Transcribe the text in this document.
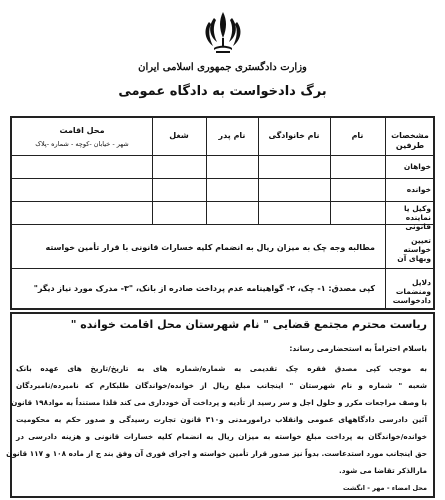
وزارت دادگستری جمهوری اسلامی ایران
برگ دادخواست به دادگاه عمومی
مشخصات طرفین
نام
نام خانوادگی
نام پدر
شغل
محل اقامت
شهر - خیابان -کوچه - شماره -پلاک
خواهان
خوانده
وکیل یا نماینده قانونی
تعیین خواسته وبهای آن
مطالبه وجه چک به میزان ریال به انضمام کلیه خسارات قانونی با قرار تأمین خواسته
دلایل ومنضمات دادخواست
کپی مصدق: ۱- چک، ۲- گواهینامه عدم پرداخت صادره از بانک، "۳- مدرک مورد نیاز دیگر"
ریاست محترم مجتمع قضایی " نام شهرستان محل اقامت خوانده "
باسلام احتراماً به استحضارمی رساند:
به موجب کپی مصدق فقره چک تقدیمی به شماره/شماره های به تاریخ/تاریخ های عهده بانک
شعبه " شماره و نام شهرستان " اینجانب مبلغ ریال از خوانده/خواندگان طلبکارم که نامبرده/نامبردگان
با وصف مراجعات مکرر و حلول اجل و سر رسید از تأدیه و پرداخت آن خودداری می کند فلذا مستنداً به مواد۱۹۸ قانون
آئین دادرسی دادگاههای عمومی وانقلاب درامورمدنی و۳۱۰ قانون تجارت رسیدگی و صدور حکم به محکومیت
خوانده/خواندگان به پرداخت مبلغ خواسته به میزان ریال به انضمام کلیه خسارات قانونی و هزینه دادرسی در
حق اینجانب مورد استدعاست. بدواً نیز صدور قرار تأمین خواسته و اجرای فوری آن وفق بند ج از ماده ۱۰۸ و ۱۱۷ قانون
مارالذکر تقاضا می شود.
محل امضاء - مهر - انگشت
